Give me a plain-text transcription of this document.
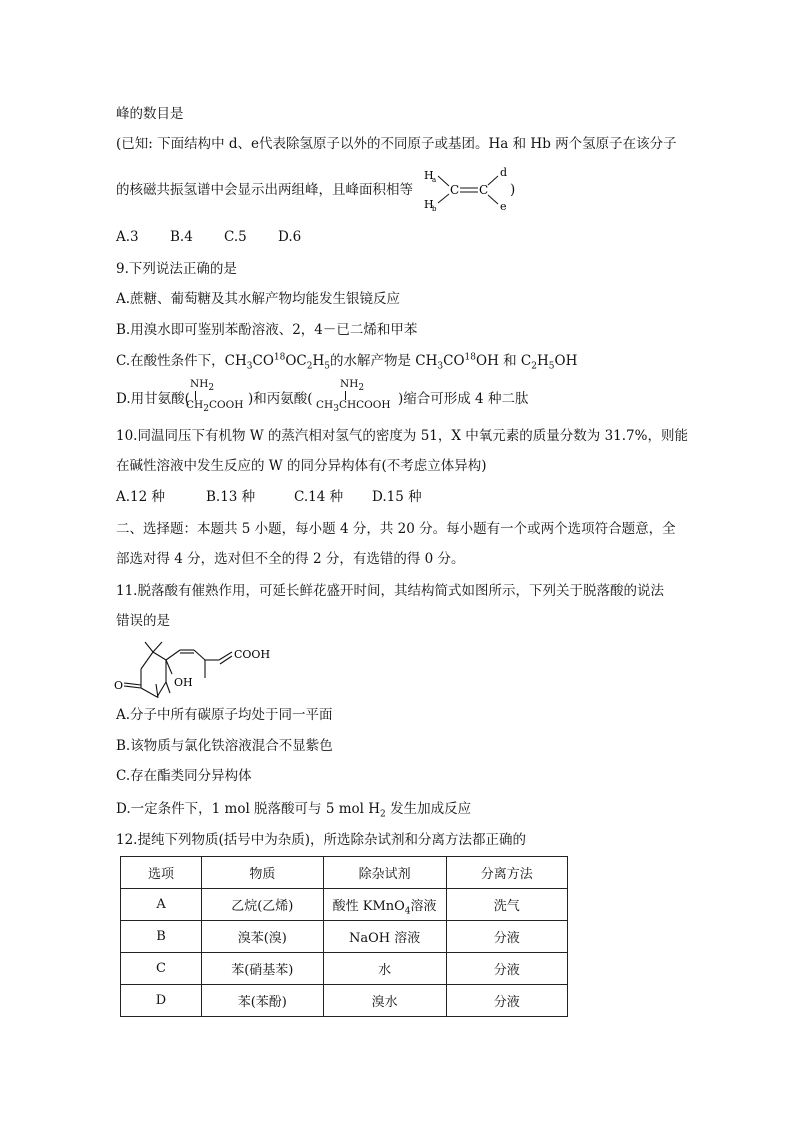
峰的数目是
(已知: 下面结构中 d、e代表除氢原子以外的不同原子或基团。Ha 和 Hb 两个氢原子在该分子
的核磁共振氢谱中会显示出两组峰，且峰面积相等
H
a
H
b
C C
d
e
)
A.3 B.4 C.5 D.6
9.下列说法正确的是
A.蔗糖、葡萄糖及其水解产物均能发生银镜反应
B.用溴水即可鉴别苯酚溶液、2，4－已二烯和甲苯
C.在酸性条件下，$CH_3CO^{18}OC_2H_5$的水解产物是 $CH_3CO^{18}OH$ 和 $C_2H_5OH$
D.用甘氨酸(
$NH_2$
$CH_2COOH$ )和丙氨酸(
$NH_2$
$CH_3CHCOOH$ )缩合可形成 4 种二肽
10.同温同压下有机物 W 的蒸汽相对氢气的密度为 51，X 中氧元素的质量分数为 31.7%，则能
在碱性溶液中发生反应的 W 的同分异构体有(不考虑立体异构)
A.12 种	B.13 种	C.14 种 D.15 种
二、选择题：本题共 5 小题，每小题 4 分，共 20 分。每小题有一个或两个选项符合题意，全
部选对得 4 分，选对但不全的得 2 分，有选错的得 0 分。
11.脱落酸有催熟作用，可延长鲜花盛开时间，其结构简式如图所示，下列关于脱落酸的说法
错误的是
COOH
OH
O
A.分子中所有碳原子均处于同一平面
B.该物质与氯化铁溶液混合不显紫色
C.存在酯类同分异构体
D.一定条件下，1 mol 脱落酸可与 5 mol $H_2$ 发生加成反应
12.提纯下列物质(括号中为杂质)，所选除杂试剂和分离方法都正确的
选项	物质	除杂试剂	分离方法
A	乙烷(乙烯)	酸性 KMnO$_4$溶液	洗气
B	溴苯(溴)	NaOH 溶液	分液
C	苯(硝基苯)	水	分液
D	苯(苯酚)	溴水	分液
